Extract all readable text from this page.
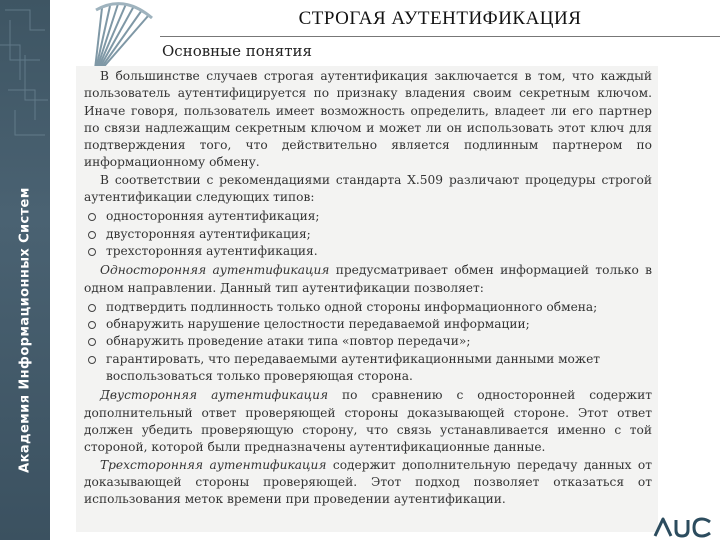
Академия Информационных Систем
СТРОГАЯ АУТЕНТИФИКАЦИЯ
Основные понятия

В большинстве случаев строгая аутентификация заключается в том, что каждый пользователь аутентифицируется по признаку владения своим секретным ключом. Иначе говоря, пользователь имеет возможность определить, владеет ли его партнер по связи надлежащим секретным ключом и может ли он использовать этот ключ для подтверждения того, что действительно является подлинным партнером по информационному обмену.

В соответствии с рекомендациями стандарта X.509 различают процедуры строгой аутентификации следующих типов:

односторонняя аутентификация;
двусторонняя аутентификация;
трехсторонняя аутентификация.

Односторонняя аутентификация предусматривает обмен информацией только в одном направлении. Данный тип аутентификации позволяет:

подтвердить подлинность только одной стороны информационного обмена;
обнаружить нарушение целостности передаваемой информации;
обнаружить проведение атаки типа «повтор передачи»;
гарантировать, что передаваемыми аутентификационными данными может воспользоваться только проверяющая сторона.

Двусторонняя аутентификация по сравнению с односторонней содержит дополнительный ответ проверяющей стороны доказывающей стороне. Этот ответ должен убедить проверяющую сторону, что связь устанавливается именно с той стороной, которой были предназначены аутентификационные данные.

Трехсторонняя аутентификация содержит дополнительную передачу данных от доказывающей стороны проверяющей. Этот подход позволяет отказаться от использования меток времени при проведении аутентификации.
